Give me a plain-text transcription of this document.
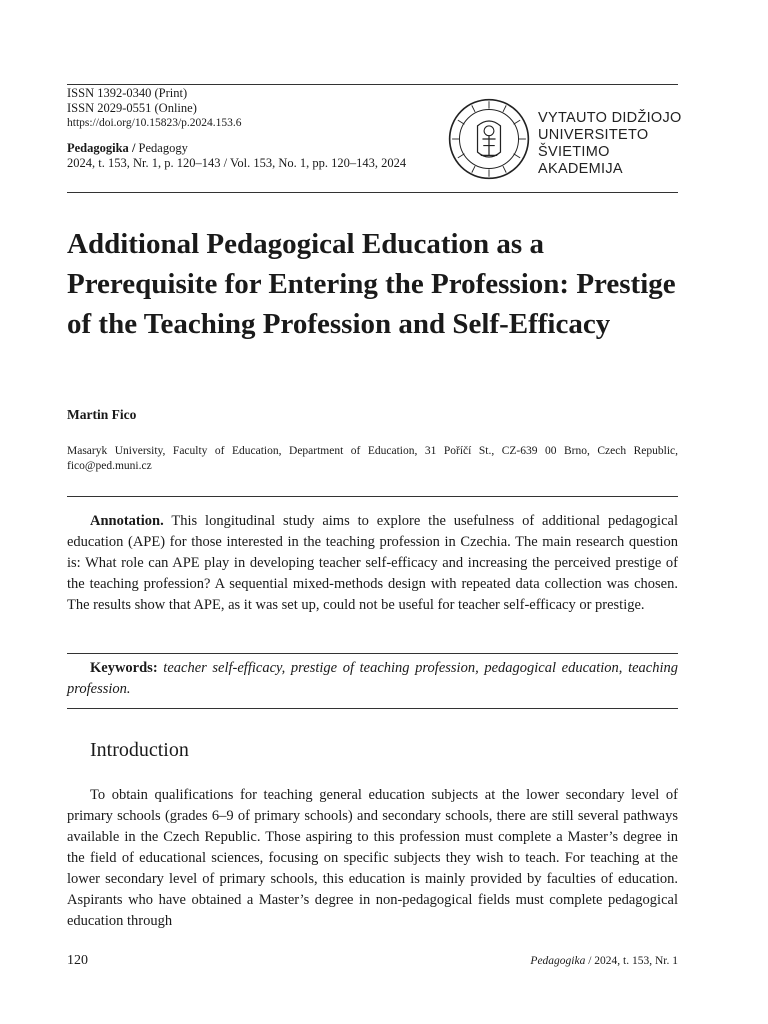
ISSN 1392-0340 (Print)
ISSN 2029-0551 (Online)
https://doi.org/10.15823/p.2024.153.6
Pedagogika / Pedagogy
2024, t. 153, Nr. 1, p. 120–143 / Vol. 153, No. 1, pp. 120–143, 2024
VYTAUTO DIDŽIOJO
UNIVERSITETO
ŠVIETIMO
AKADEMIJA
Additional Pedagogical Education as a Prerequisite for Entering the Profession: Prestige of the Teaching Profession and Self-Efficacy
Martin Fico
Masaryk University, Faculty of Education, Department of Education, 31 Poříčí St., CZ-639 00 Brno, Czech Republic, fico@ped.muni.cz

Annotation. This longitudinal study aims to explore the usefulness of additional pedagogical education (APE) for those interested in the teaching profession in Czechia. The main research question is: What role can APE play in developing teacher self-efficacy and increasing the perceived prestige of the teaching profession? A sequential mixed-methods design with repeated data collection was chosen. The results show that APE, as it was set up, could not be useful for teacher self-efficacy or prestige.

Keywords: teacher self-efficacy, prestige of teaching profession, pedagogical education, teaching profession.

Introduction

To obtain qualifications for teaching general education subjects at the lower secondary level of primary schools (grades 6–9 of primary schools) and secondary schools, there are still several pathways available in the Czech Republic. Those aspiring to this profession must complete a Master’s degree in the field of educational sciences, focusing on specific subjects they wish to teach. For teaching at the lower secondary level of primary schools, this education is mainly provided by faculties of education. Aspirants who have obtained a Master’s degree in non-pedagogical fields must complete pedagogical education through

120	Pedagogika / 2024, t. 153, Nr. 1
